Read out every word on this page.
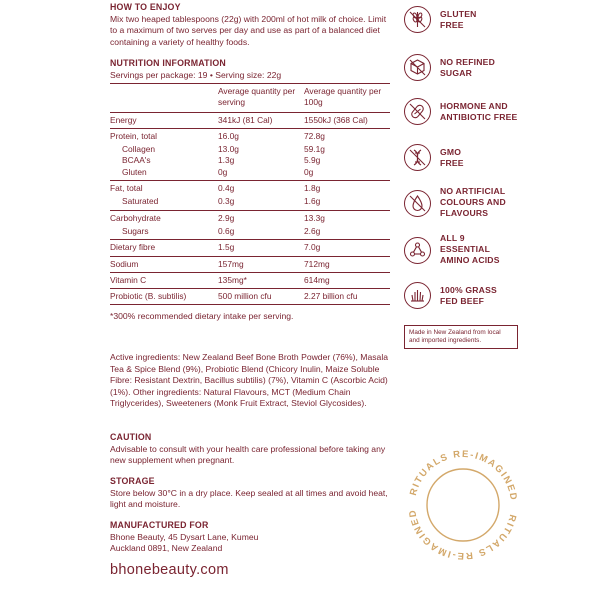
HOW TO ENJOY

Mix two heaped tablespoons (22g) with 200ml of hot milk of choice. Limit to a maximum of two serves per day and use as part of a balanced diet containing a variety of healthy foods.

NUTRITION INFORMATION

Servings per package: 19 • Serving size: 22g

	Average quantity per serving	Average quantity per 100g
Energy	341kJ (81 Cal)	1550kJ (368 Cal)
Protein, total	16.0g	72.8g
Collagen	13.0g	59.1g
BCAA's	1.3g	5.9g
Gluten	0g	0g
Fat, total	0.4g	1.8g
Saturated	0.3g	1.6g
Carbohydrate	2.9g	13.3g
Sugars	0.6g	2.6g
Dietary fibre	1.5g	7.0g
Sodium	157mg	712mg
Vitamin C	135mg*	614mg
Probiotic (B. subtilis)	500 million cfu	2.27 billion cfu

*300% recommended dietary intake per serving.

Active ingredients: New Zealand Beef Bone Broth Powder (76%), Masala Tea & Spice Blend (9%), Probiotic Blend (Chicory Inulin, Maize Soluble Fibre: Resistant Dextrin, Bacillus subtilis) (7%), Vitamin C (Ascorbic Acid) (1%). Other ingredients: Natural Flavours, MCT (Medium Chain Triglycerides), Sweeteners (Monk Fruit Extract, Steviol Glycosides).

CAUTION

Advisable to consult with your health care professional before taking any new supplement when pregnant.

STORAGE

Store below 30°C in a dry place. Keep sealed at all times and avoid heat, light and moisture.

MANUFACTURED FOR

Bhone Beauty, 45 Dysart Lane, Kumeu

Auckland 0891, New Zealand

bhonebeauty.com
GLUTEN
FREE
NO REFINED
SUGAR
HORMONE AND
ANTIBIOTIC FREE
GMO
FREE
NO ARTIFICIAL
COLOURS AND
FLAVOURS
ALL 9
ESSENTIAL
AMINO ACIDS
100% GRASS
FED BEEF
Made in New Zealand from local and imported ingredients.
RITUALS RE-IMAGINED
RITUALS RE-IMAGINED
